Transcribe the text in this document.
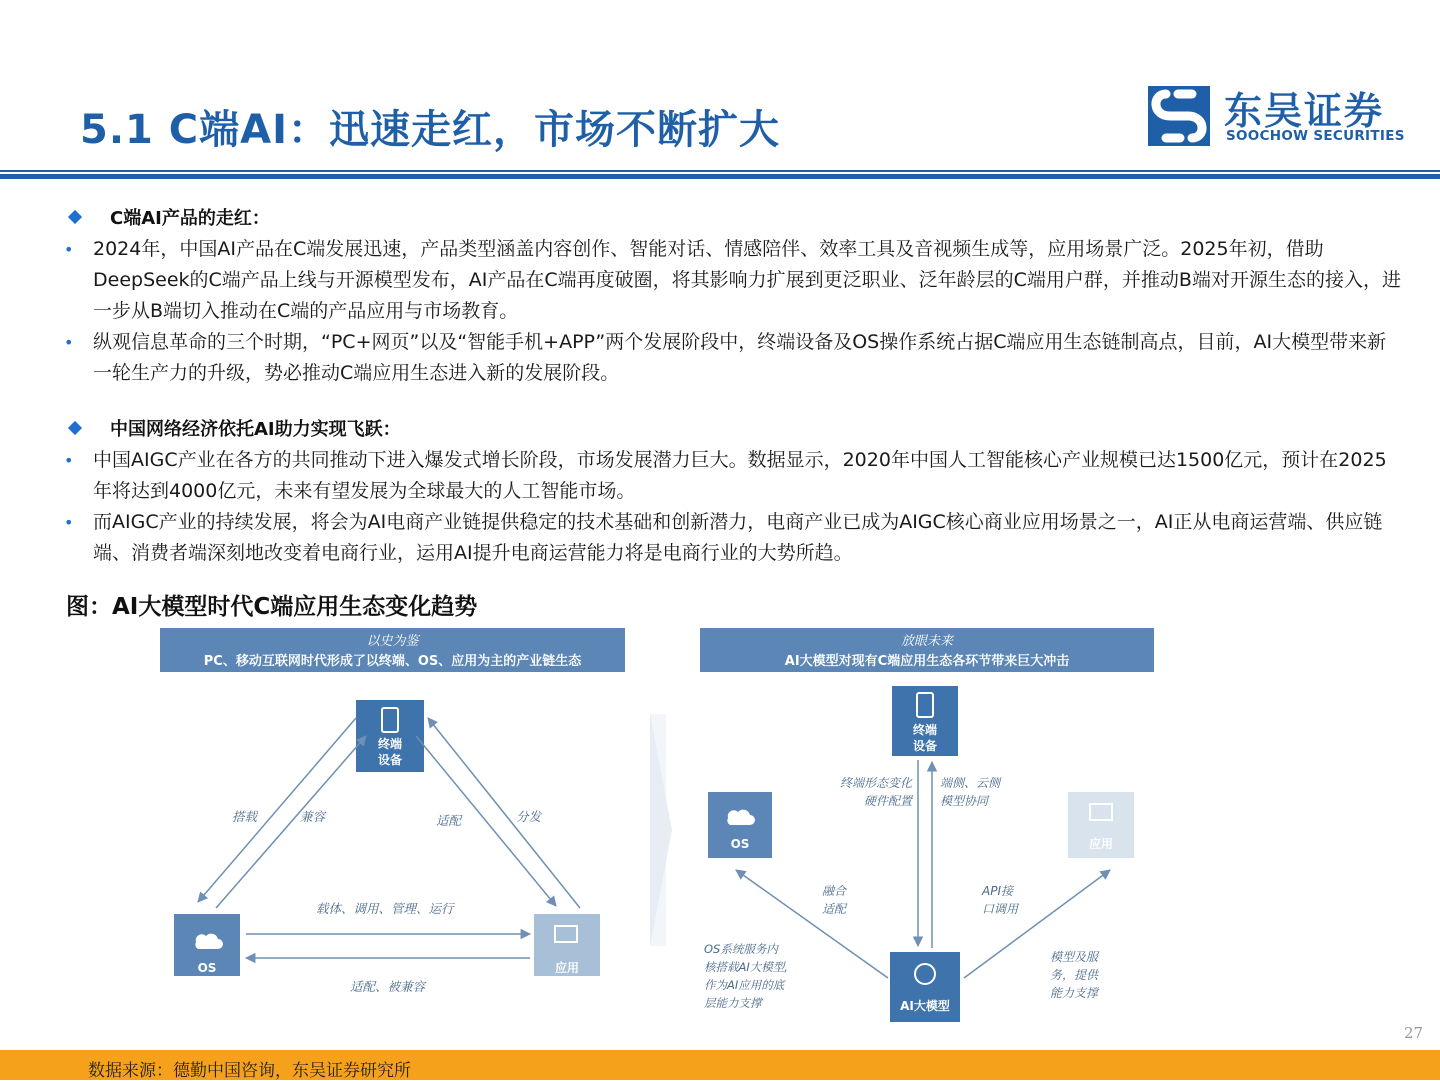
5.1 C端AI：迅速走红，市场不断扩大	东吴证券
SOOCHOW SECURITIES
C端AI产品的走红：
• 2024年，中国AI产品在C端发展迅速，产品类型涵盖内容创作、智能对话、情感陪伴、效率工具及音视频生成等，应用场景广泛。2025年初，借助DeepSeek的C端产品上线与开源模型发布，AI产品在C端再度破圈，将其影响力扩展到更泛职业、泛年龄层的C端用户群，并推动B端对开源生态的接入，进一步从B端切入推动在C端的产品应用与市场教育。
• 纵观信息革命的三个时期，“PC+网页”以及“智能手机+APP”两个发展阶段中，终端设备及OS操作系统占据C端应用生态链制高点，目前，AI大模型带来新一轮生产力的升级，势必推动C端应用生态进入新的发展阶段。
中国网络经济依托AI助力实现飞跃：
• 中国AIGC产业在各方的共同推动下进入爆发式增长阶段，市场发展潜力巨大。数据显示，2020年中国人工智能核心产业规模已达1500亿元，预计在2025年将达到4000亿元，未来有望发展为全球最大的人工智能市场。
• 而AIGC产业的持续发展，将会为AI电商产业链提供稳定的技术基础和创新潜力，电商产业已成为AIGC核心商业应用场景之一，AI正从电商运营端、供应链端、消费者端深刻地改变着电商行业，运用AI提升电商运营能力将是电商行业的大势所趋。
图：AI大模型时代C端应用生态变化趋势
以史为鉴
PC、移动互联网时代形成了以终端、OS、应用为主的产业链生态
终端
设备
OS	应用
搭载	兼容	适配	分发
载体、调用、管理、运行
适配、被兼容
放眼未来
AI大模型对现有C端应用生态各环节带来巨大冲击
终端
设备
OS	应用
AI大模型
终端形态变化
硬件配置
端侧、云侧
模型协同
融合
适配
API接
口调用
OS系统服务内
核搭载AI大模型,
作为AI应用的底
层能力支撑
模型及服
务，提供
能力支撑
27
数据来源：德勤中国咨询，东吴证券研究所
